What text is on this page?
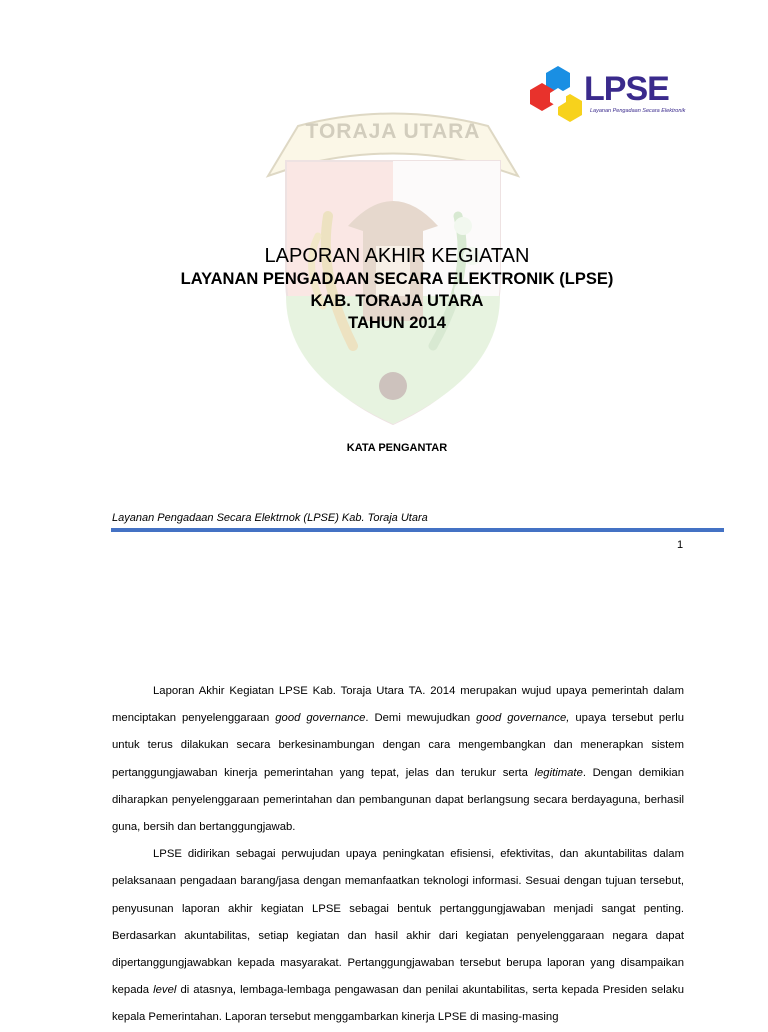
LPSE
Layanan Pengadaan Secara Elektronik
TORAJA UTARA
LAPORAN AKHIR KEGIATAN
LAYANAN PENGADAAN SECARA ELEKTRONIK (LPSE)
KAB. TORAJA UTARA
TAHUN 2014
KATA PENGANTAR
Layanan Pengadaan Secara Elektrnok (LPSE) Kab. Toraja Utara
1

Laporan Akhir Kegiatan LPSE Kab. Toraja Utara TA. 2014 merupakan wujud upaya pemerintah dalam menciptakan penyelenggaraan good governance. Demi mewujudkan good governance, upaya tersebut perlu untuk terus dilakukan secara berkesinambungan dengan cara mengembangkan dan menerapkan sistem pertanggungjawaban kinerja pemerintahan yang tepat, jelas dan terukur serta legitimate. Dengan demikian diharapkan penyelenggaraan pemerintahan dan pembangunan dapat berlangsung secara berdayaguna, berhasil guna, bersih dan bertanggungjawab.

LPSE didirikan sebagai perwujudan upaya peningkatan efisiensi, efektivitas, dan akuntabilitas dalam pelaksanaan pengadaan barang/jasa dengan memanfaatkan teknologi informasi. Sesuai dengan tujuan tersebut, penyusunan laporan akhir kegiatan LPSE sebagai bentuk pertanggungjawaban menjadi sangat penting. Berdasarkan akuntabilitas, setiap kegiatan dan hasil akhir dari kegiatan penyelenggaraan negara dapat dipertanggungjawabkan kepada masyarakat. Pertanggungjawaban tersebut berupa laporan yang disampaikan kepada level di atasnya, lembaga-lembaga pengawasan dan penilai akuntabilitas, serta kepada Presiden selaku kepala Pemerintahan. Laporan tersebut menggambarkan kinerja LPSE di masing-masing
